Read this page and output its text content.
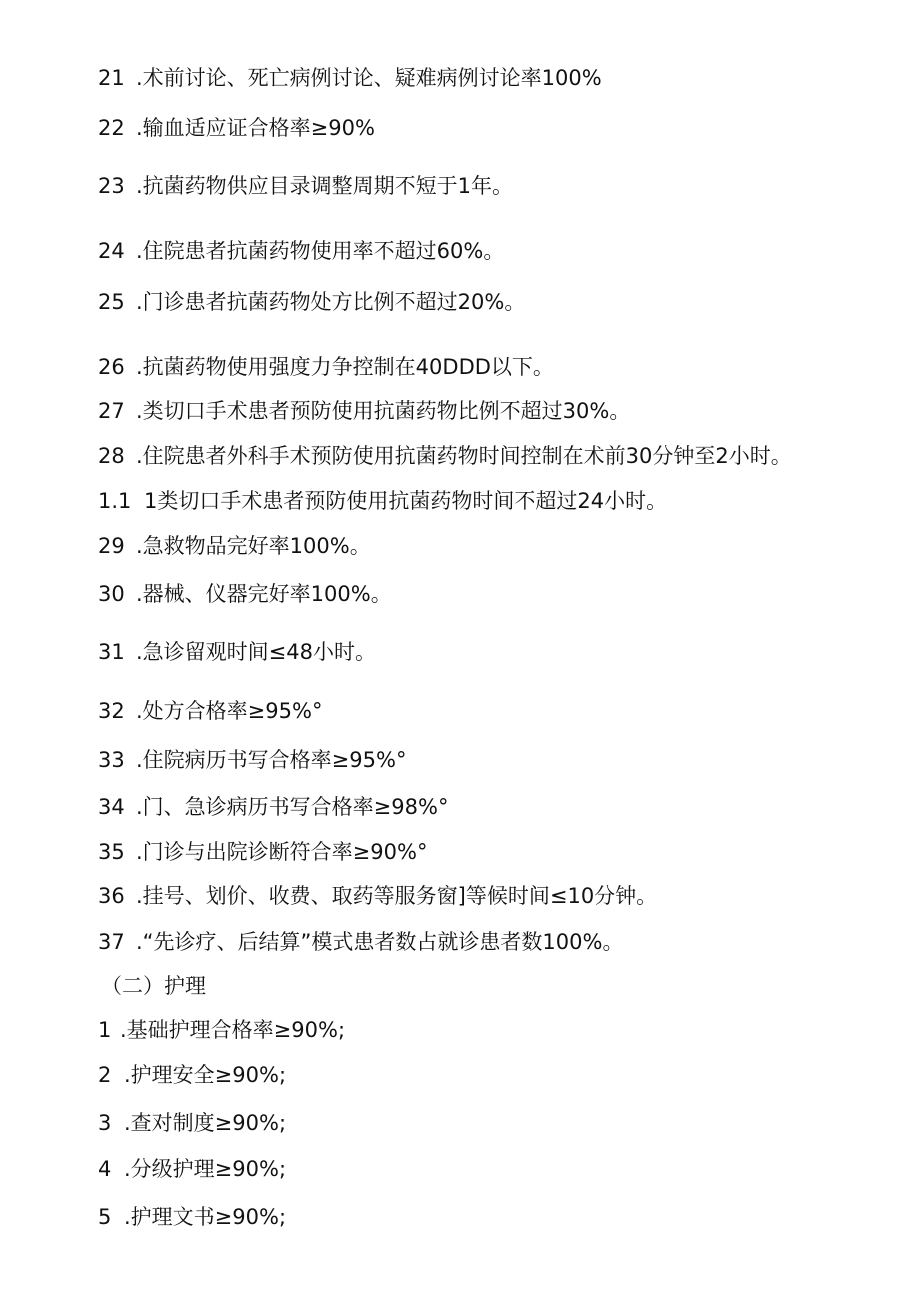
21 .术前讨论、死亡病例讨论、疑难病例讨论率100%
22 .输血适应证合格率≥90%
23 .抗菌药物供应目录调整周期不短于1年。
24 .住院患者抗菌药物使用率不超过60%。
25 .门诊患者抗菌药物处方比例不超过20%。
26 .抗菌药物使用强度力争控制在40DDD以下。
27 .类切口手术患者预防使用抗菌药物比例不超过30%。
28 .住院患者外科手术预防使用抗菌药物时间控制在术前30分钟至2小时。
1.1 1类切口手术患者预防使用抗菌药物时间不超过24小时。
29 .急救物品完好率100%。
30 .器械、仪器完好率100%。
31 .急诊留观时间≤48小时。
32 .处方合格率≥95%°
33 .住院病历书写合格率≥95%°
34 .门、急诊病历书写合格率≥98%°
35 .门诊与出院诊断符合率≥90%°
36 .挂号、划价、收费、取药等服务窗]等候时间≤10分钟。
37 .“先诊疗、后结算”模式患者数占就诊患者数100%。
（二）护理
1 .基础护理合格率≥90%;
2 .护理安全≥90%;
3 .查对制度≥90%;
4 .分级护理≥90%;
5 .护理文书≥90%;
